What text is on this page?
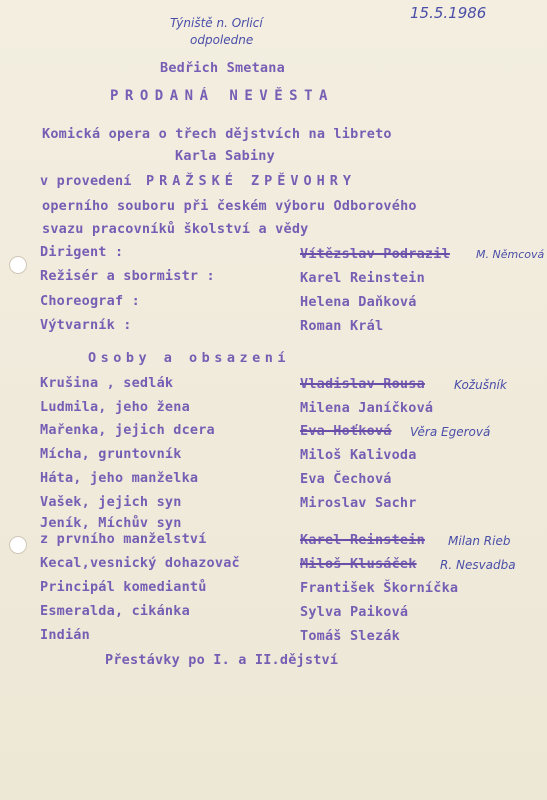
Týniště n. Orlicí
odpoledne
15.5.1986
Bedřich Smetana
PRODANÁ NEVĚSTA
Komická opera o třech dějstvích na libreto
Karla Sabiny
v provedení PRAŽSKÉ ZPĚVOHRY
operního souboru při českém výboru Odborového
svazu pracovníků školství a vědy
Dirigent :	Vítězslav Podrazil M. Němcová
Režisér a sbormistr :	Karel Reinstein
Choreograf :	Helena Daňková
Výtvarník :	Roman Král
Osoby a obsazení
Krušina , sedlák	Vladislav Rousa Kožušník
Ludmila, jeho žena	Milena Janíčková
Mařenka, jejich dcera	Eva Hoťková Věra Egerová
Mícha, gruntovník	Miloš Kalivoda
Háta, jeho manželka	Eva Čechová
Vašek, jejich syn	Miroslav Sachr
Jeník, Míchův syn
z prvního manželství	Karel Reinstein Milan Rieb
Kecal,vesnický dohazovač	Miloš Klusáček R. Nesvadba
Principál komediantů	František Škorníčka
Esmeralda, cikánka	Sylva Paiková
Indián	Tomáš Slezák
Přestávky po I. a II.dějství
